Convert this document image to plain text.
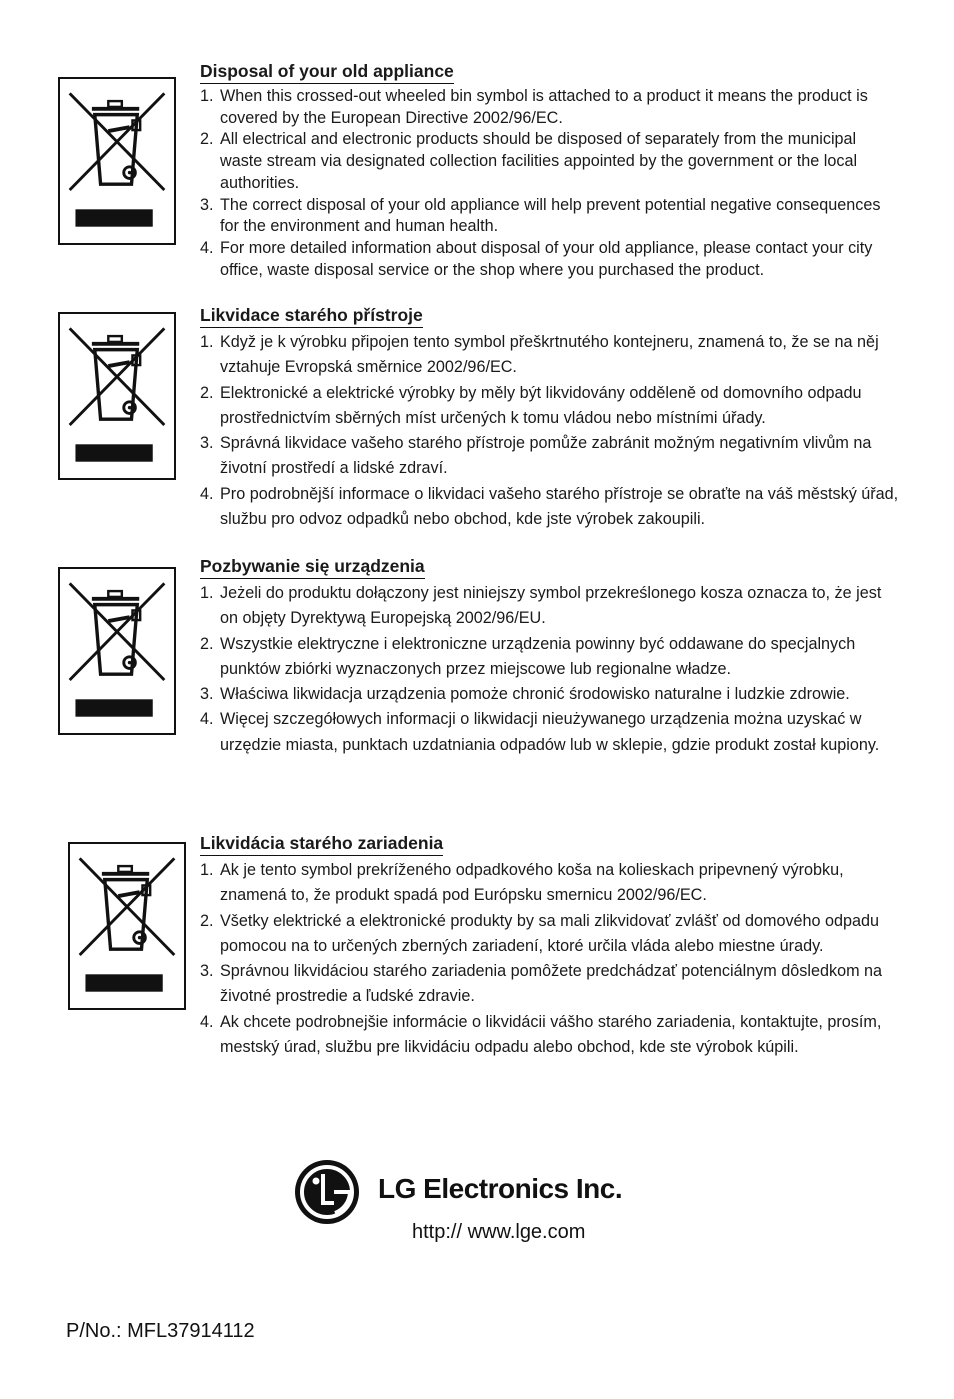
Disposal of your old appliance
1. When this crossed-out wheeled bin symbol is attached to a product it means the product is covered by the European Directive 2002/96/EC.
2. All electrical and electronic products should be disposed of separately from the municipal waste stream via designated collection facilities appointed by the government or the local authorities.
3. The correct disposal of your old appliance will help prevent potential negative consequences for the environment and human health.
4. For more detailed information about disposal of your old appliance, please contact your city office, waste disposal service or the shop where you purchased the product.
Likvidace starého přístroje
1. Když je k výrobku připojen tento symbol přeškrtnutého kontejneru, znamená to, že se na něj vztahuje Evropská směrnice 2002/96/EC.
2. Elektronické a elektrické výrobky by měly být likvidovány odděleně od domovního odpadu prostřednictvím sběrných míst určených k tomu vládou nebo místními úřady.
3. Správná likvidace vašeho starého přístroje pomůže zabránit možným negativním vlivům na životní prostředí a lidské zdraví.
4. Pro podrobnější informace o likvidaci vašeho starého přístroje se obraťte na váš městský úřad, službu pro odvoz odpadků nebo obchod, kde jste výrobek zakoupili.
Pozbywanie się urządzenia
1. Jeżeli do produktu dołączony jest niniejszy symbol przekreślonego kosza oznacza to, że jest on objęty Dyrektywą Europejską 2002/96/EU.
2. Wszystkie elektryczne i elektroniczne urządzenia powinny być oddawane do specjalnych punktów zbiórki wyznaczonych przez miejscowe lub regionalne władze.
3. Właściwa likwidacja urządzenia pomoże chronić środowisko naturalne i ludzkie zdrowie.
4. Więcej szczegółowych informacji o likwidacji nieużywanego urządzenia można uzyskać w urzędzie miasta, punktach uzdatniania odpadów lub w sklepie, gdzie produkt został kupiony.
Likvidácia starého zariadenia
1. Ak je tento symbol prekríženého odpadkového koša na kolieskach pripevnený výrobku, znamená to, že produkt spadá pod Európsku smernicu 2002/96/EC.
2. Všetky elektrické a elektronické produkty by sa mali zlikvidovať zvlášť od domového odpadu pomocou na to určených zberných zariadení, ktoré určila vláda alebo miestne úrady.
3. Správnou likvidáciou starého zariadenia pomôžete predchádzať potenciálnym dôsledkom na životné prostredie a ľudské zdravie.
4. Ak chcete podrobnejšie informácie o likvidácii vášho starého zariadenia, kontaktujte, prosím, mestský úrad, službu pre likvidáciu odpadu alebo obchod, kde ste výrobok kúpili.
LG Electronics Inc.
http:// www.lge.com
P/No.: MFL37914112
